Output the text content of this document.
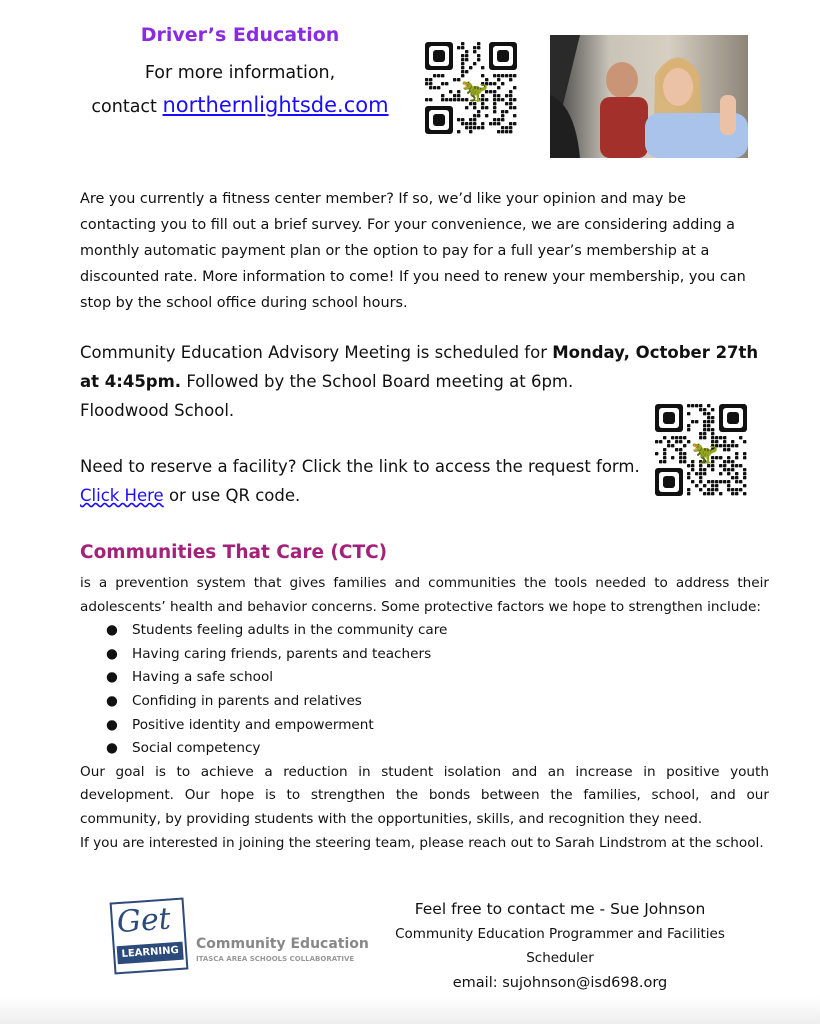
Driver’s Education
For more information,
contact northernlightsde.com
🦖
Are you currently a fitness center member? If so, we’d like your opinion and may be contacting you to fill out a brief survey. For your convenience, we are considering adding a monthly automatic payment plan or the option to pay for a full year’s membership at a discounted rate. More information to come! If you need to renew your membership, you can stop by the school office during school hours.
Community Education Advisory Meeting is scheduled for Monday, October 27th at 4:45pm. Followed by the School Board meeting at 6pm.
Floodwood School.
Need to reserve a facility? Click the link to access the request form. Click Here or use QR code.
🦖
Communities That Care (CTC)
is a prevention system that gives families and communities the tools needed to address their adolescents’ health and behavior concerns. Some protective factors we hope to strengthen include:
● Students feeling adults in the community care
● Having caring friends, parents and teachers
● Having a safe school
● Confiding in parents and relatives
● Positive identity and empowerment
● Social competency
Our goal is to achieve a reduction in student isolation and an increase in positive youth development. Our hope is to strengthen the bonds between the families, school, and our community, by providing students with the opportunities, skills, and recognition they need.
If you are interested in joining the steering team, please reach out to Sarah Lindstrom at the school.
Get
LEARNING
Community Education
ITASCA AREA SCHOOLS COLLABORATIVE
Feel free to contact me - Sue Johnson
Community Education Programmer and Facilities Scheduler
email: sujohnson@isd698.org
